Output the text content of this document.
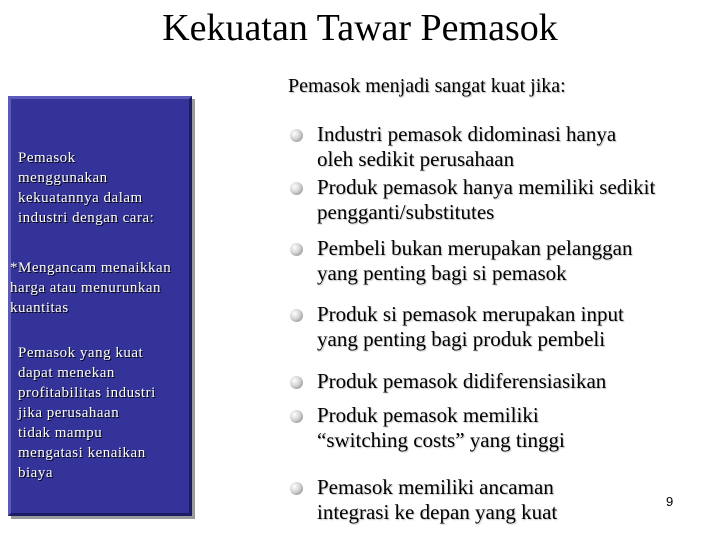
Kekuatan Tawar Pemasok
Pemasok menjadi sangat kuat jika:
Pemasok
menggunakan
kekuatannya dalam
industri dengan cara:
*Mengancam menaikkan
harga atau menurunkan
kuantitas
Pemasok yang kuat
dapat menekan
profitabilitas industri
jika perusahaan
tidak mampu
mengatasi kenaikan
biaya
Industri pemasok didominasi hanya
oleh sedikit perusahaan
Produk pemasok hanya memiliki sedikit
pengganti/substitutes
Pembeli bukan merupakan pelanggan
yang penting bagi si pemasok
Produk si pemasok merupakan input
yang penting bagi produk pembeli
Produk pemasok didiferensiasikan
Produk pemasok memiliki
“switching costs” yang tinggi
Pemasok memiliki ancaman
integrasi ke depan yang kuat	9
